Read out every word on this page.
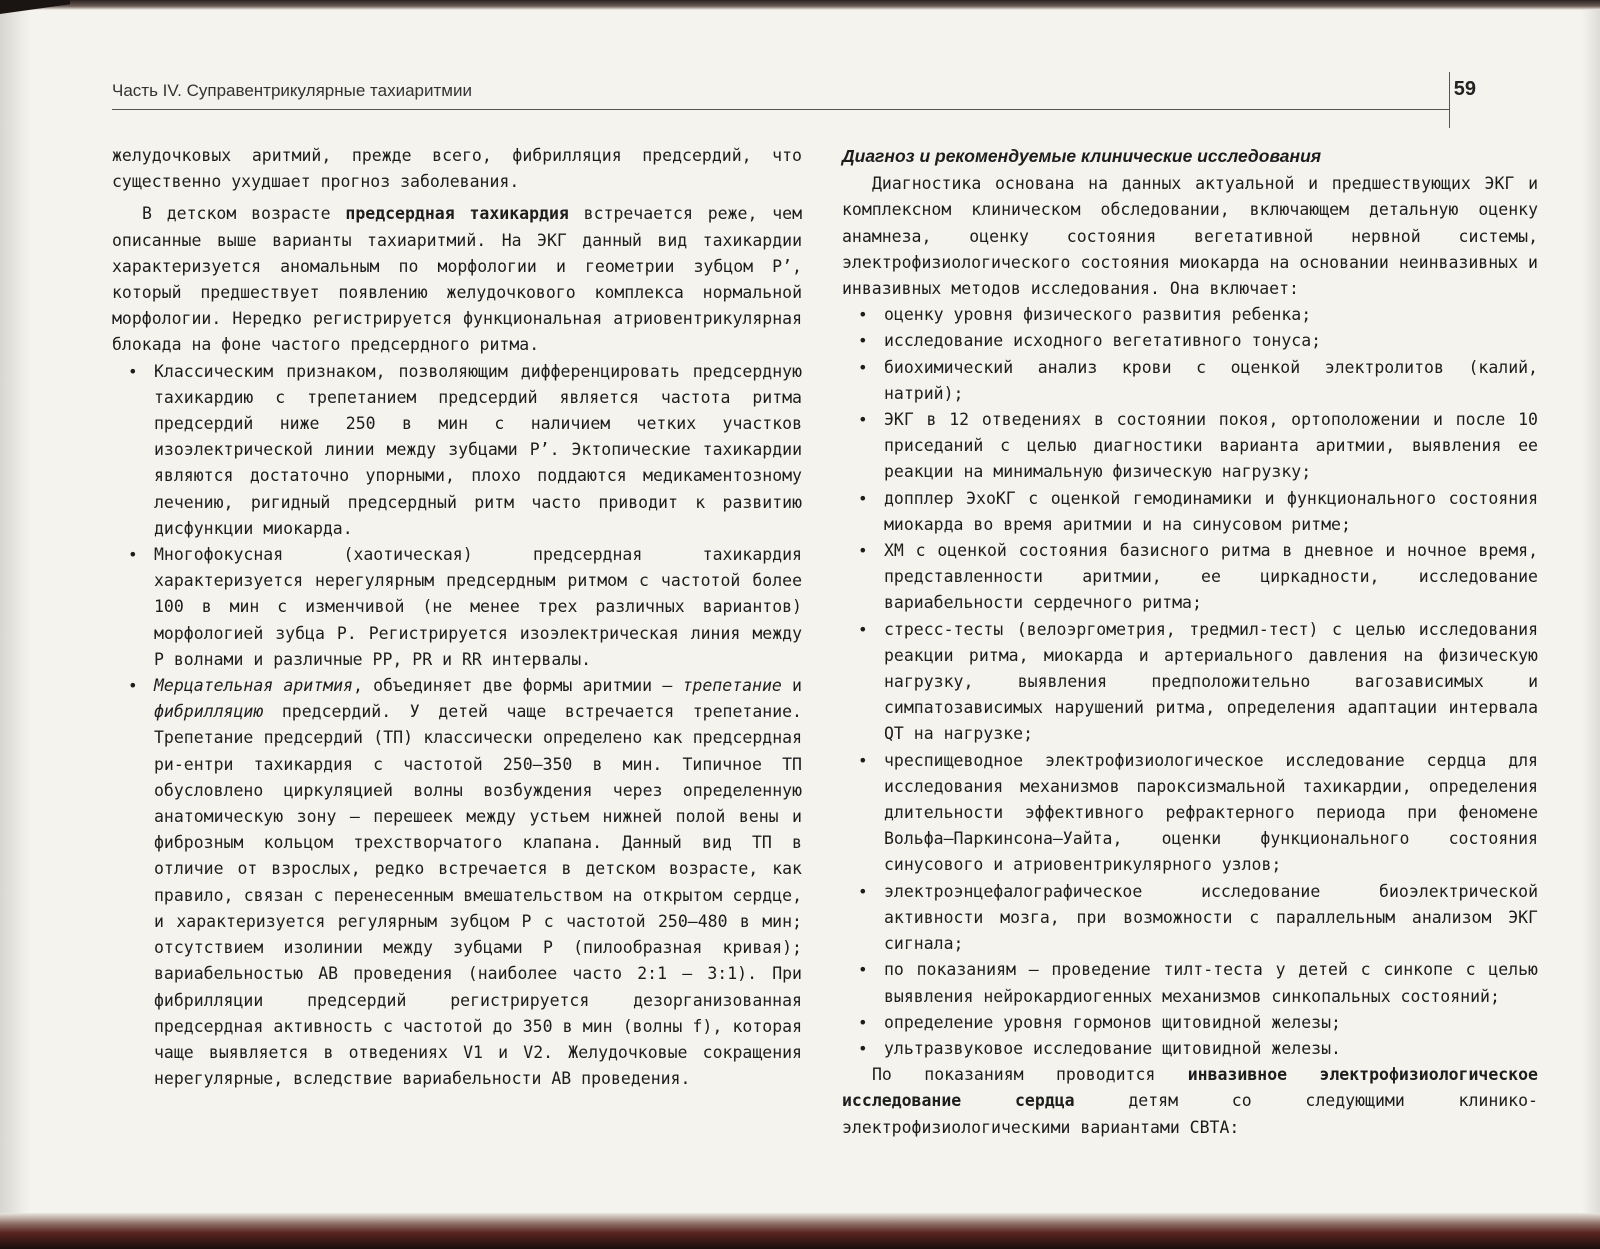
Часть IV. Суправентрикулярные тахиаритмии	59

желудочковых аритмий, прежде всего, фибрилляция предсердий, что существенно ухудшает прогноз заболевания.

В детском возрасте предсердная тахикардия встречается реже, чем описанные выше варианты тахиаритмий. На ЭКГ данный вид тахикардии характеризуется аномальным по морфологии и геометрии зубцом P’, который предшествует появлению желудочкового комплекса нормальной морфологии. Нередко регистрируется функциональная атриовентрикулярная блокада на фоне частого предсердного ритма.

• Классическим признаком, позволяющим дифференцировать предсердную тахикардию с трепетанием предсердий является частота ритма предсердий ниже 250 в мин с наличием четких участков изоэлектрической линии между зубцами P’. Эктопические тахикардии являются достаточно упорными, плохо поддаются медикаментозному лечению, ригидный предсердный ритм часто приводит к развитию дисфункции миокарда.
• Многофокусная (хаотическая) предсердная тахикардия характеризуется нерегулярным предсердным ритмом с частотой более 100 в мин с изменчивой (не менее трех различных вариантов) морфологией зубца P. Регистрируется изоэлектрическая линия между P волнами и различные PP, PR и RR интервалы.
• Мерцательная аритмия, объединяет две формы аритмии – трепетание и фибрилляцию предсердий. У детей чаще встречается трепетание. Трепетание предсердий (ТП) классически определено как предсердная ри-ентри тахикардия с частотой 250–350 в мин. Типичное ТП обусловлено циркуляцией волны возбуждения через определенную анатомическую зону – перешеек между устьем нижней полой вены и фиброзным кольцом трехстворчатого клапана. Данный вид ТП в отличие от взрослых, редко встречается в детском возрасте, как правило, связан с перенесенным вмешательством на открытом сердце, и характеризуется регулярным зубцом P с частотой 250–480 в мин; отсутствием изолинии между зубцами P (пилообразная кривая); вариабельностью АВ проведения (наиболее часто 2:1 – 3:1). При фибрилляции предсердий регистрируется дезорганизованная предсердная активность с частотой до 350 в мин (волны f), которая чаще выявляется в отведениях V1 и V2. Желудочковые сокращения нерегулярные, вследствие вариабельности АВ проведения.
Диагноз и рекомендуемые клинические исследования

Диагностика основана на данных актуальной и предшествующих ЭКГ и комплексном клиническом обследовании, включающем детальную оценку анамнеза, оценку состояния вегетативной нервной системы, электрофизиологического состояния миокарда на основании неинвазивных и инвазивных методов исследования. Она включает:

• оценку уровня физического развития ребенка;
• исследование исходного вегетативного тонуса;
• биохимический анализ крови с оценкой электролитов (калий, натрий);
• ЭКГ в 12 отведениях в состоянии покоя, ортоположении и после 10 приседаний с целью диагностики варианта аритмии, выявления ее реакции на минимальную физическую нагрузку;
• допплер ЭхоКГ с оценкой гемодинамики и функционального состояния миокарда во время аритмии и на синусовом ритме;
• ХМ с оценкой состояния базисного ритма в дневное и ночное время, представленности аритмии, ее циркадности, исследование вариабельности сердечного ритма;
• стресс-тесты (велоэргометрия, тредмил-тест) с целью исследования реакции ритма, миокарда и артериального давления на физическую нагрузку, выявления предположительно вагозависимых и симпатозависимых нарушений ритма, определения адаптации интервала QT на нагрузке;
• чреспищеводное электрофизиологическое исследование сердца для исследования механизмов пароксизмальной тахикардии, определения длительности эффективного рефрактерного периода при феномене Вольфа–Паркинсона–Уайта, оценки функционального состояния синусового и атриовентрикулярного узлов;
• электроэнцефалографическое исследование биоэлектрической активности мозга, при возможности с параллельным анализом ЭКГ сигнала;
• по показаниям – проведение тилт-теста у детей с синкопе с целью выявления нейрокардиогенных механизмов синкопальных состояний;
• определение уровня гормонов щитовидной железы;
• ультразвуковое исследование щитовидной железы.

По показаниям проводится инвазивное электрофизиологическое исследование сердца детям со следующими клинико-электрофизиологическими вариантами СВТА:
